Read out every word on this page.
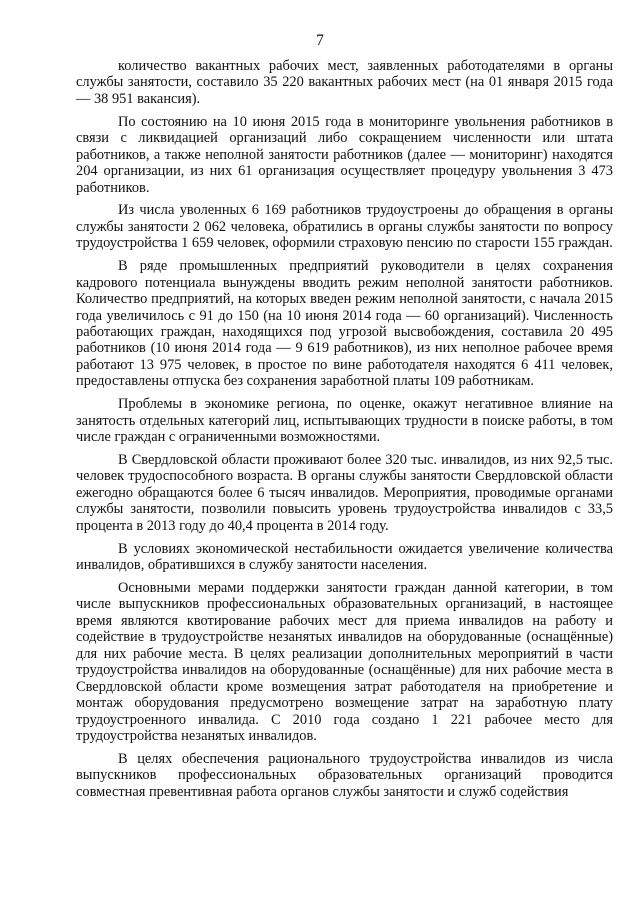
7

количество вакантных рабочих мест, заявленных работодателями в органы службы занятости, составило 35 220 вакантных рабочих мест (на 01 января 2015 года — 38 951 вакансия).

По состоянию на 10 июня 2015 года в мониторинге увольнения работников в связи с ликвидацией организаций либо сокращением численности или штата работников, а также неполной занятости работников (далее — мониторинг) находятся 204 организации, из них 61 организация осуществляет процедуру увольнения 3 473 работников.

Из числа уволенных 6 169 работников трудоустроены до обращения в органы службы занятости 2 062 человека, обратились в органы службы занятости по вопросу трудоустройства 1 659 человек, оформили страховую пенсию по старости 155 граждан.

В ряде промышленных предприятий руководители в целях сохранения кадрового потенциала вынуждены вводить режим неполной занятости работников. Количество предприятий, на которых введен режим неполной занятости, с начала 2015 года увеличилось с 91 до 150 (на 10 июня 2014 года — 60 организаций). Численность работающих граждан, находящихся под угрозой высвобождения, составила 20 495 работников (10 июня 2014 года — 9 619 работников), из них неполное рабочее время работают 13 975 человек, в простое по вине работодателя находятся 6 411 человек, предоставлены отпуска без сохранения заработной платы 109 работникам.

Проблемы в экономике региона, по оценке, окажут негативное влияние на занятость отдельных категорий лиц, испытывающих трудности в поиске работы, в том числе граждан с ограниченными возможностями.

В Свердловской области проживают более 320 тыс. инвалидов, из них 92,5 тыс. человек трудоспособного возраста. В органы службы занятости Свердловской области ежегодно обращаются более 6 тысяч инвалидов. Мероприятия, проводимые органами службы занятости, позволили повысить уровень трудоустройства инвалидов с 33,5 процента в 2013 году до 40,4 процента в 2014 году.

В условиях экономической нестабильности ожидается увеличение количества инвалидов, обратившихся в службу занятости населения.

Основными мерами поддержки занятости граждан данной категории, в том числе выпускников профессиональных образовательных организаций, в настоящее время являются квотирование рабочих мест для приема инвалидов на работу и содействие в трудоустройстве незанятых инвалидов на оборудованные (оснащённые) для них рабочие места. В целях реализации дополнительных мероприятий в части трудоустройства инвалидов на оборудованные (оснащённые) для них рабочие места в Свердловской области кроме возмещения затрат работодателя на приобретение и монтаж оборудования предусмотрено возмещение затрат на заработную плату трудоустроенного инвалида. С 2010 года создано 1 221 рабочее место для трудоустройства незанятых инвалидов.

В целях обеспечения рационального трудоустройства инвалидов из числа выпускников профессиональных образовательных организаций проводится совместная превентивная работа органов службы занятости и служб содействия
